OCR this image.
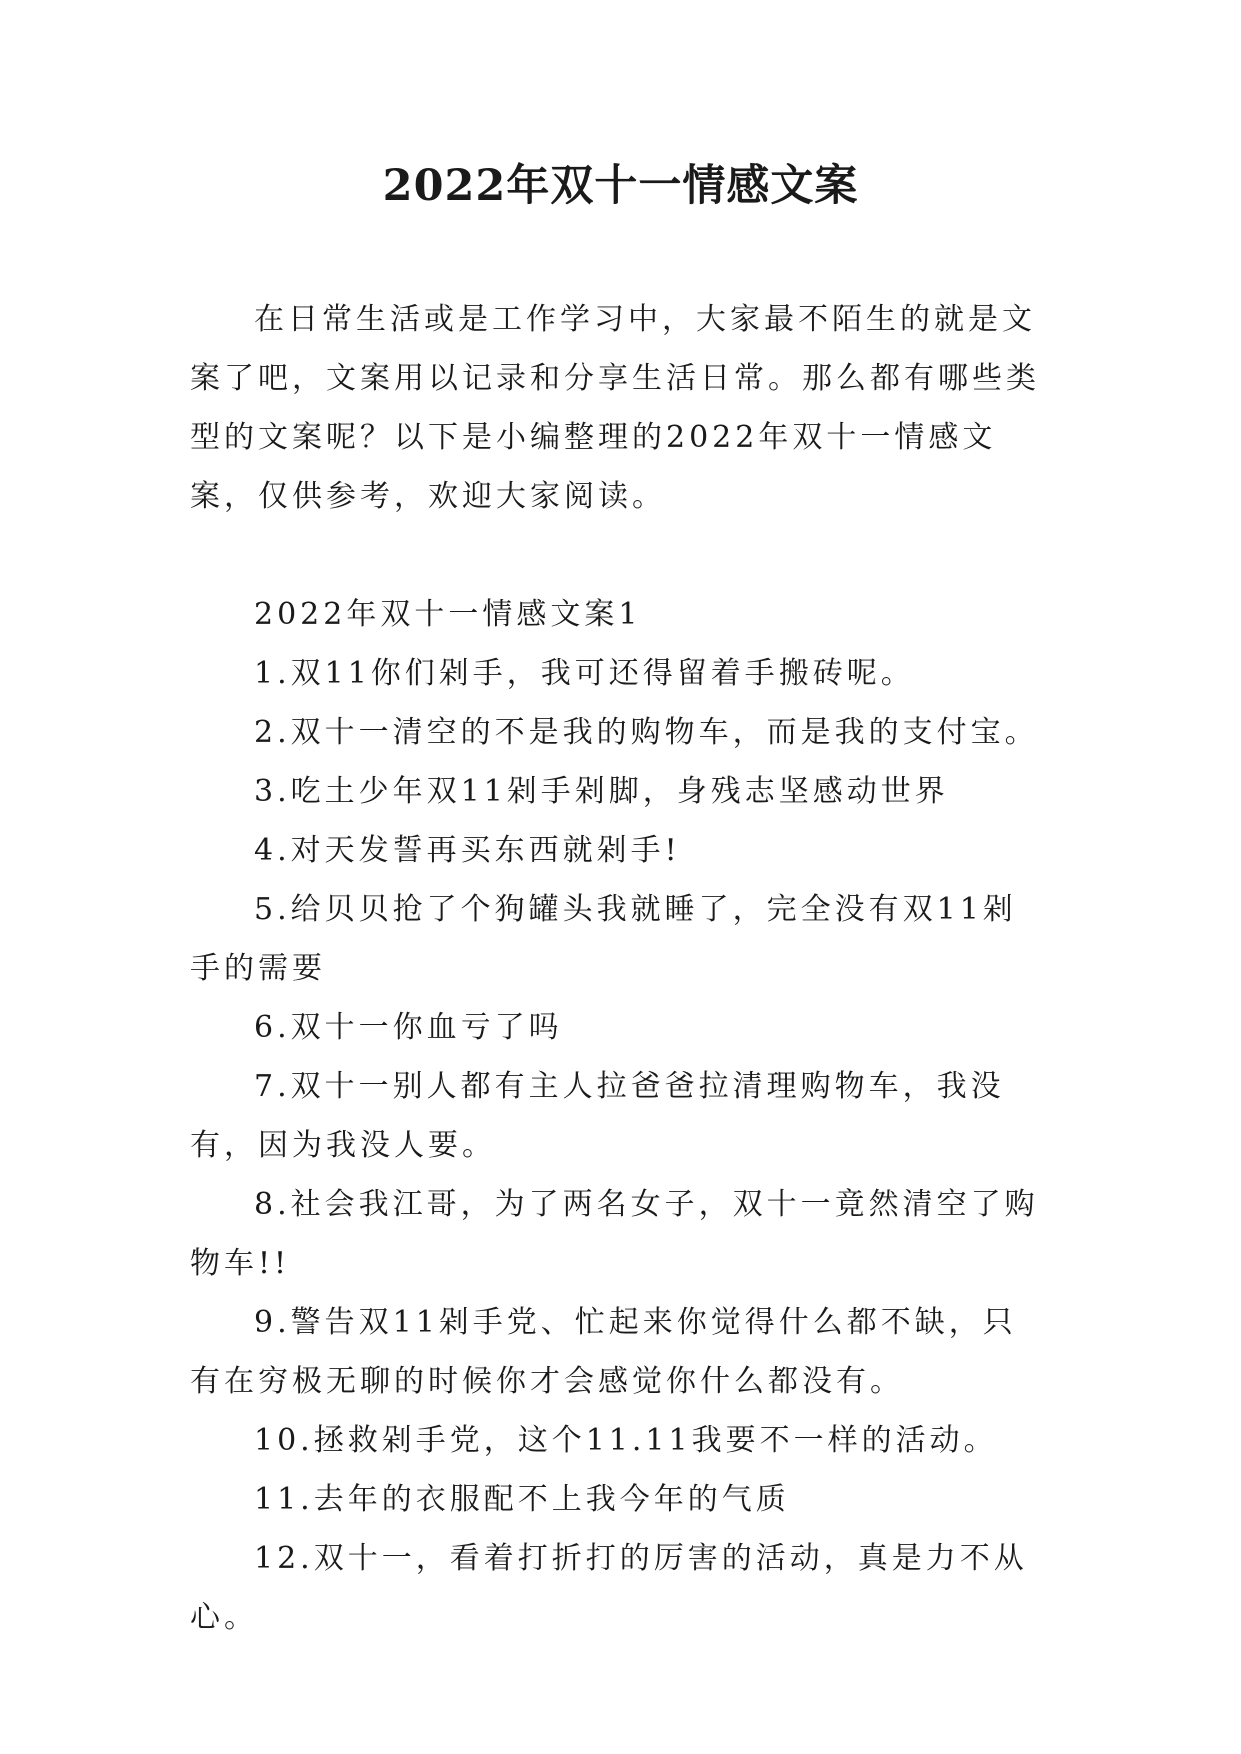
2022年双十一情感文案

在日常生活或是工作学习中，大家最不陌生的就是文案了吧，文案用以记录和分享生活日常。那么都有哪些类型的文案呢？以下是小编整理的2022年双十一情感文案，仅供参考，欢迎大家阅读。

2022年双十一情感文案1

1.双11你们剁手，我可还得留着手搬砖呢。

2.双十一清空的不是我的购物车，而是我的支付宝。

3.吃土少年双11剁手剁脚，身残志坚感动世界

4.对天发誓再买东西就剁手!

5.给贝贝抢了个狗罐头我就睡了，完全没有双11剁手的需要

6.双十一你血亏了吗

7.双十一别人都有主人拉爸爸拉清理购物车，我没有，因为我没人要。

8.社会我江哥，为了两名女子，双十一竟然清空了购物车!!

9.警告双11剁手党、忙起来你觉得什么都不缺，只有在穷极无聊的时候你才会感觉你什么都没有。

10.拯救剁手党，这个11.11我要不一样的活动。

11.去年的衣服配不上我今年的气质

12.双十一，看着打折打的厉害的活动，真是力不从心。
